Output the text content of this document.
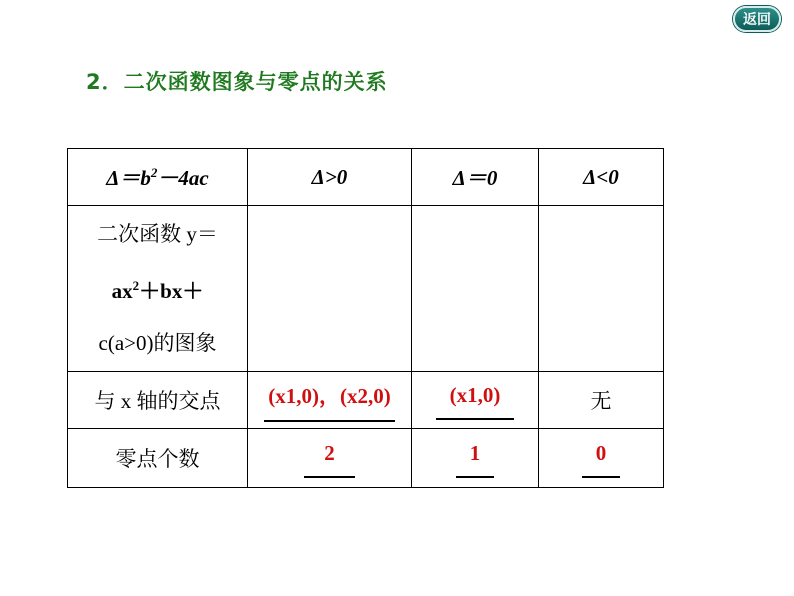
返回
2．二次函数图象与零点的关系
$\Delta=b^2-4ac$	Δ>0	Δ＝0	Δ<0

二次函数 y＝
$ax^2+bx+$
c(a>0)的图象			

与 x 轴的交点	(x1,0)，(x2,0)	(x1,0)	无
零点个数	2	1	0
